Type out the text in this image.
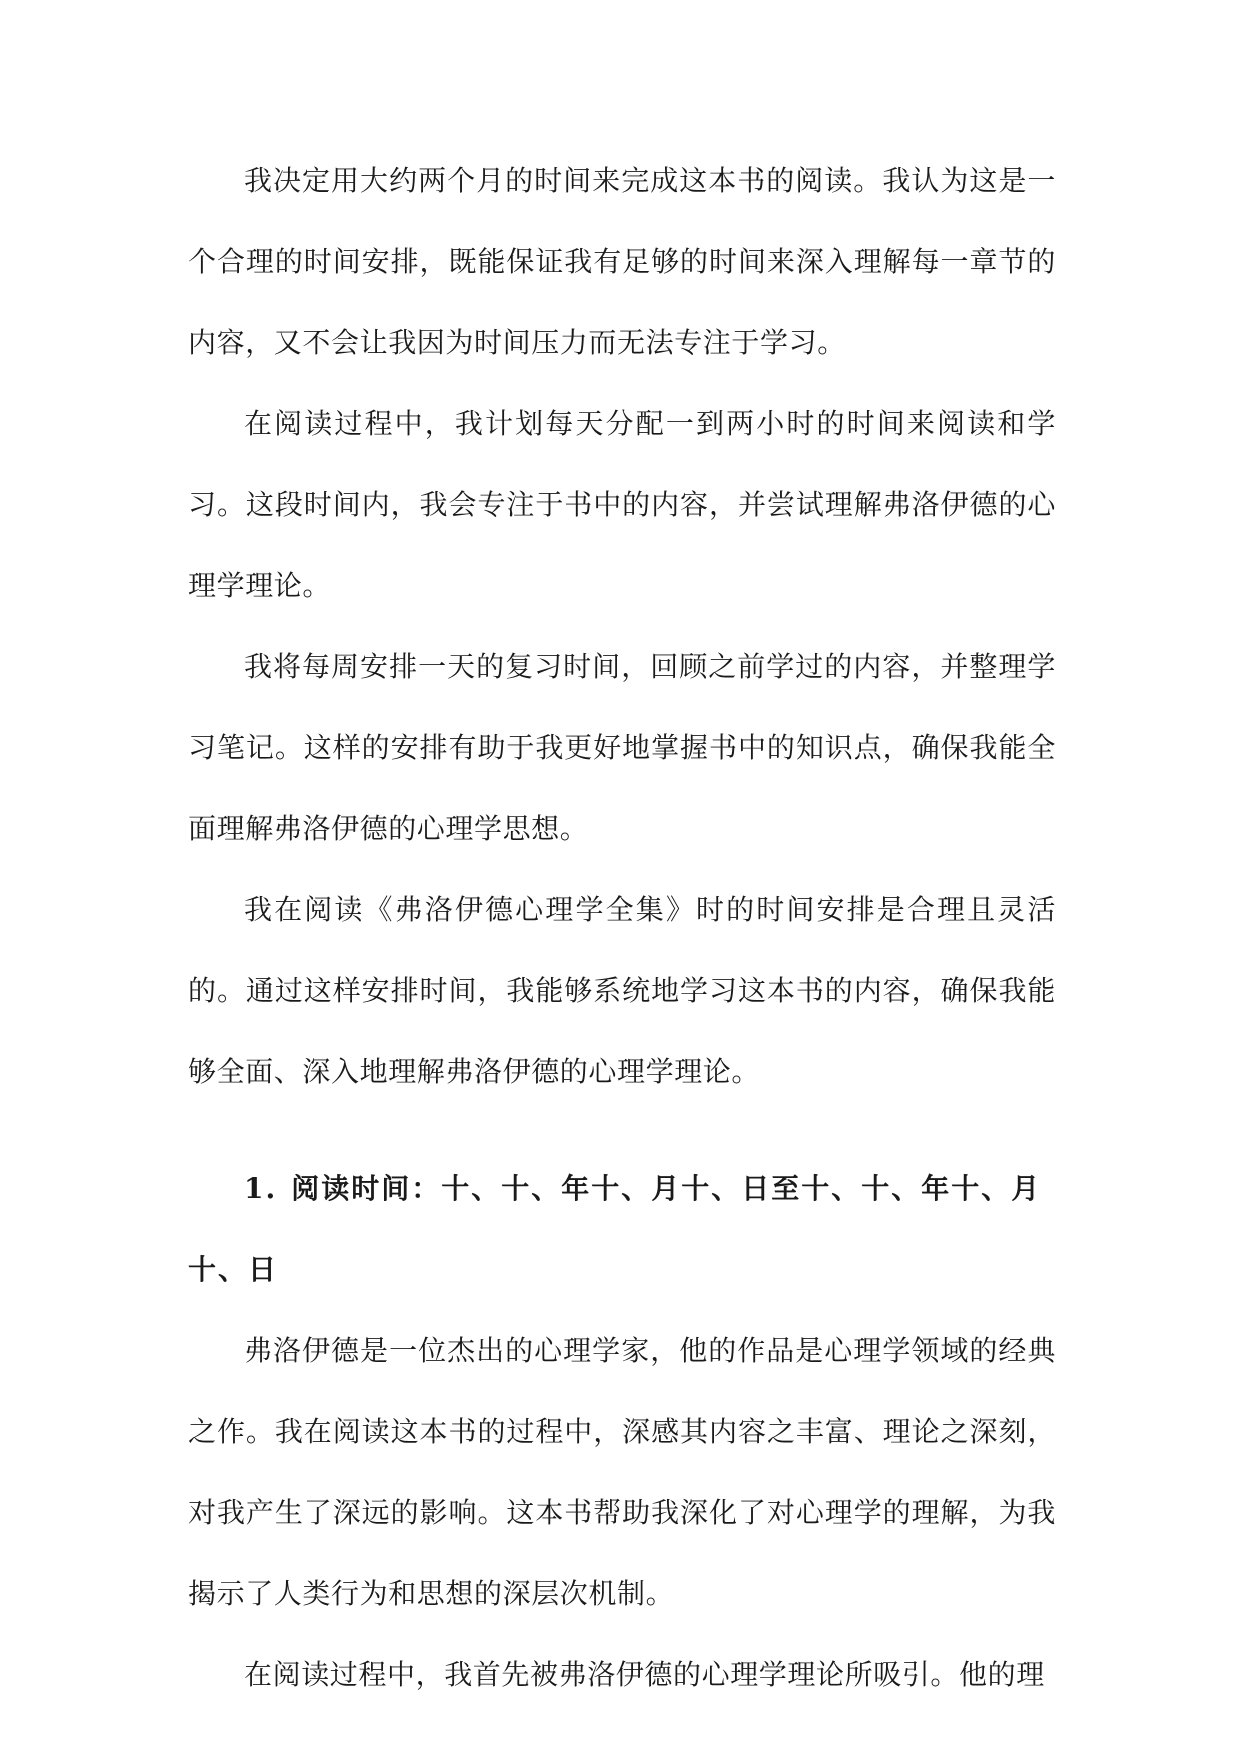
我决定用大约两个月的时间来完成这本书的阅读。我认为这是一个合理的时间安排，既能保证我有足够的时间来深入理解每一章节的内容，又不会让我因为时间压力而无法专注于学习。

在阅读过程中，我计划每天分配一到两小时的时间来阅读和学习。这段时间内，我会专注于书中的内容，并尝试理解弗洛伊德的心理学理论。

我将每周安排一天的复习时间，回顾之前学过的内容，并整理学习笔记。这样的安排有助于我更好地掌握书中的知识点，确保我能全面理解弗洛伊德的心理学思想。

我在阅读《弗洛伊德心理学全集》时的时间安排是合理且灵活的。通过这样安排时间，我能够系统地学习这本书的内容，确保我能够全面、深入地理解弗洛伊德的心理学理论。

1. 阅读时间：十、十、年十、月十、日至十、十、年十、月十、日

弗洛伊德是一位杰出的心理学家，他的作品是心理学领域的经典之作。我在阅读这本书的过程中，深感其内容之丰富、理论之深刻，对我产生了深远的影响。这本书帮助我深化了对心理学的理解，为我揭示了人类行为和思想的深层次机制。

在阅读过程中，我首先被弗洛伊德的心理学理论所吸引。他的理
